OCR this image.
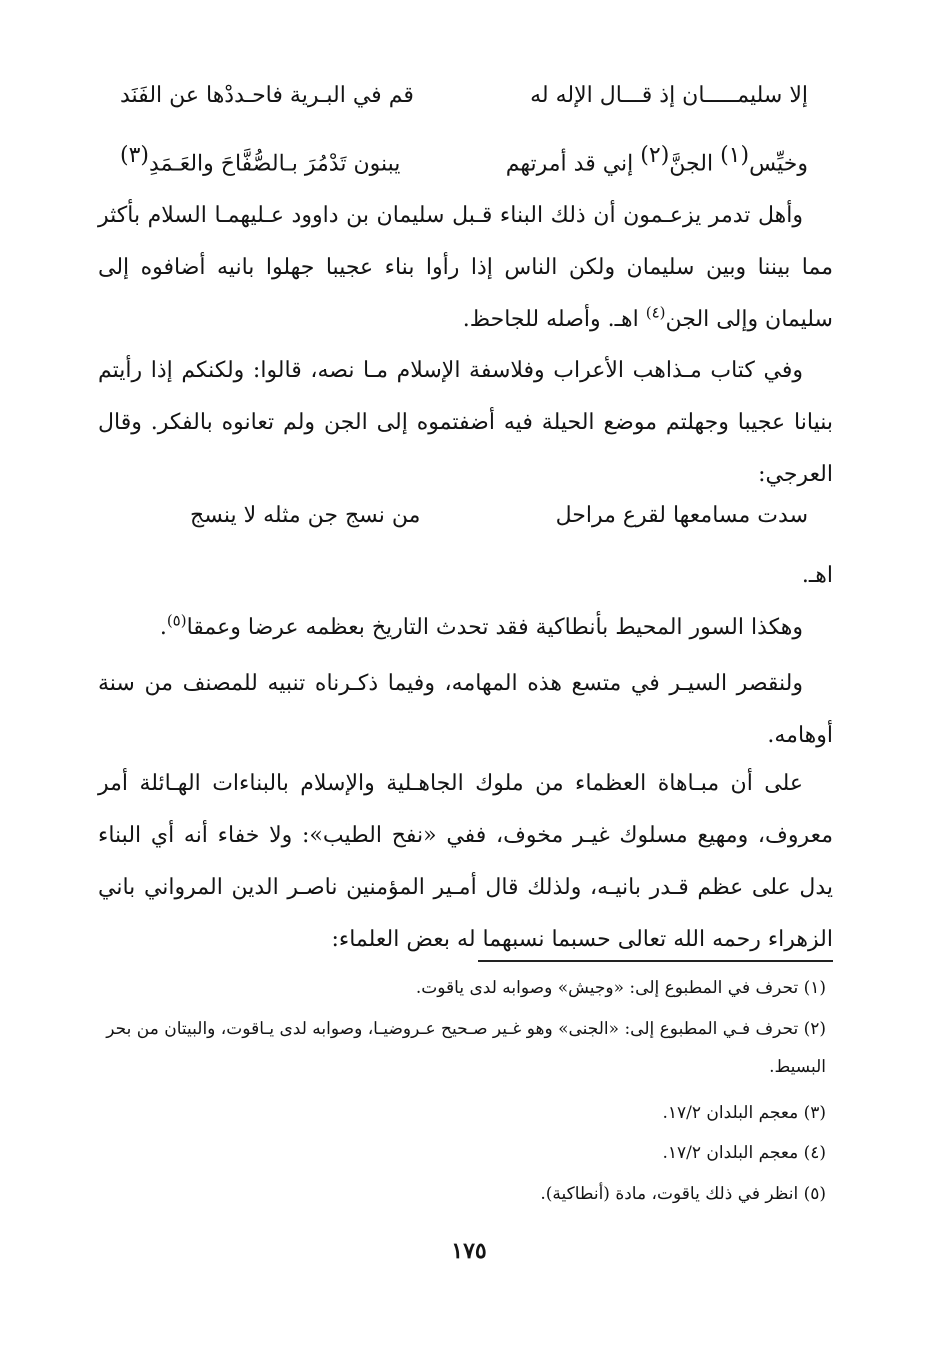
إلا سليمـــــان إذ قـــال الإله له
قم في البـرية فاحـددْها عن الفَنَد
وخيِّس(١) الجنَّ(٢) إني قد أمرتهم
يبنون تَدْمُرَ بـالصُّفَّاحَ والعَـمَدِ(٣)

وأهل تدمر يزعـمون أن ذلك البناء قـبل سليمان بن داوود عـليهمـا السلام بأكثر مما بيننا وبين سليمان ولكن الناس إذا رأوا بناء عجيبا جهلوا بانيه أضافوه إلى سليمان وإلى الجن$^{(٤)}$ اهـ. وأصله للجاحظ.

وفي كتاب مـذاهب الأعراب وفلاسفة الإسلام مـا نصه، قالوا: ولكنكم إذا رأيتم بنيانا عجيبا وجهلتم موضع الحيلة فيه أضفتموه إلى الجن ولم تعانوه بالفكر. وقال العرجي:

سدت مسامعها لقرع مراحل
من نسج جن مثله لا ينسج
اهـ.

وهكذا السور المحيط بأنطاكية فقد تحدث التاريخ بعظمه عرضا وعمقا$^{(٥)}$.

ولنقصر السيـر في متسع هذه المهامه، وفيما ذكـرناه تنبيه للمصنف من سنة أوهامه.

على أن مبـاهاة العظماء من ملوك الجاهـلية والإسلام بالبناءات الهـائلة أمر معروف، ومهيع مسلوك غيـر مخوف، ففي «نفح الطيب»: ولا خفاء أنه أي البناء يدل على عظم قـدر بانيـه، ولذلك قال أمـير المؤمنين ناصـر الدين المرواني باني الزهراء رحمه الله تعالى حسبما نسبهما له بعض العلماء:

(١) تحرف في المطبوع إلى: «وجيش» وصوابه لدى ياقوت.

(٢) تحرف فـي المطبوع إلى: «الجنى» وهو غـير صـحيح عـروضيـا، وصوابه لدى يـاقوت، والبيتان من بحر البسيط.

(٣) معجم البلدان ١٧/٢.

(٤) معجم البلدان ١٧/٢.

(٥) انظر في ذلك ياقوت، مادة (أنطاكية).

١٧٥
